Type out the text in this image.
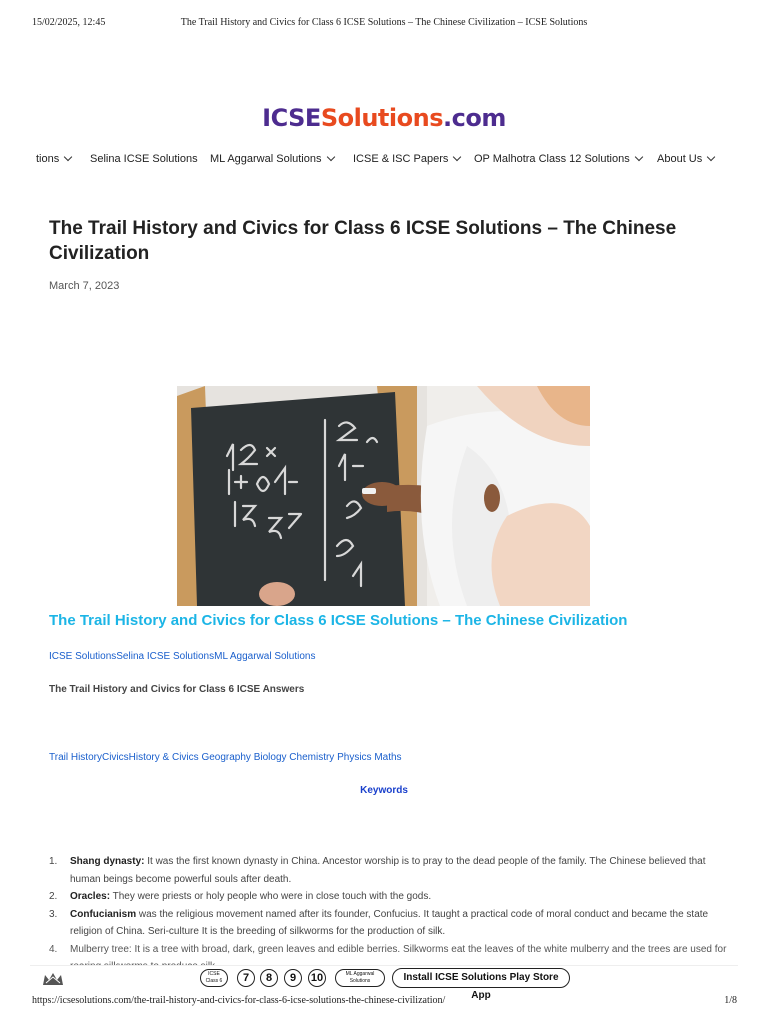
15/02/2025, 12:45	The Trail History and Civics for Class 6 ICSE Solutions – The Chinese Civilization – ICSE Solutions
ICSESolutions.com
tions	Selina ICSE Solutions ML Aggarwal Solutions	ICSE & ISC Papers	OP Malhotra Class 12 Solutions	About Us
The Trail History and Civics for Class 6 ICSE Solutions – The Chinese Civilization
March 7, 2023
The Trail History and Civics for Class 6 ICSE Solutions – The Chinese Civilization
ICSE SolutionsSelina ICSE SolutionsML Aggarwal Solutions
The Trail History and Civics for Class 6 ICSE Answers
Trail HistoryCivicsHistory & Civics Geography Biology Chemistry Physics Maths
Keywords
1. Shang dynasty: It was the first known dynasty in China. Ancestor worship is to pray to the dead people of the family. The Chinese believed that human beings become powerful souls after death.
2. Oracles: They were priests or holy people who were in close touch with the gods.
3. Confucianism was the religious movement named after its founder, Confucius. It taught a practical code of moral conduct and became the state religion of China. Seri-culture It is the breeding of silkworms for the production of silk.
4. Mulberry tree: It is a tree with broad, dark, green leaves and edible berries. Silkworms eat the leaves of the white mulberry and the trees are used for
ICSE
Class 6	7	8	9	10	ML Aggarwal
Solutions	Install ICSE Solutions Play Store App
https://icsesolutions.com/the-trail-history-and-civics-for-class-6-icse-solutions-the-chinese-civilization/	1/8
